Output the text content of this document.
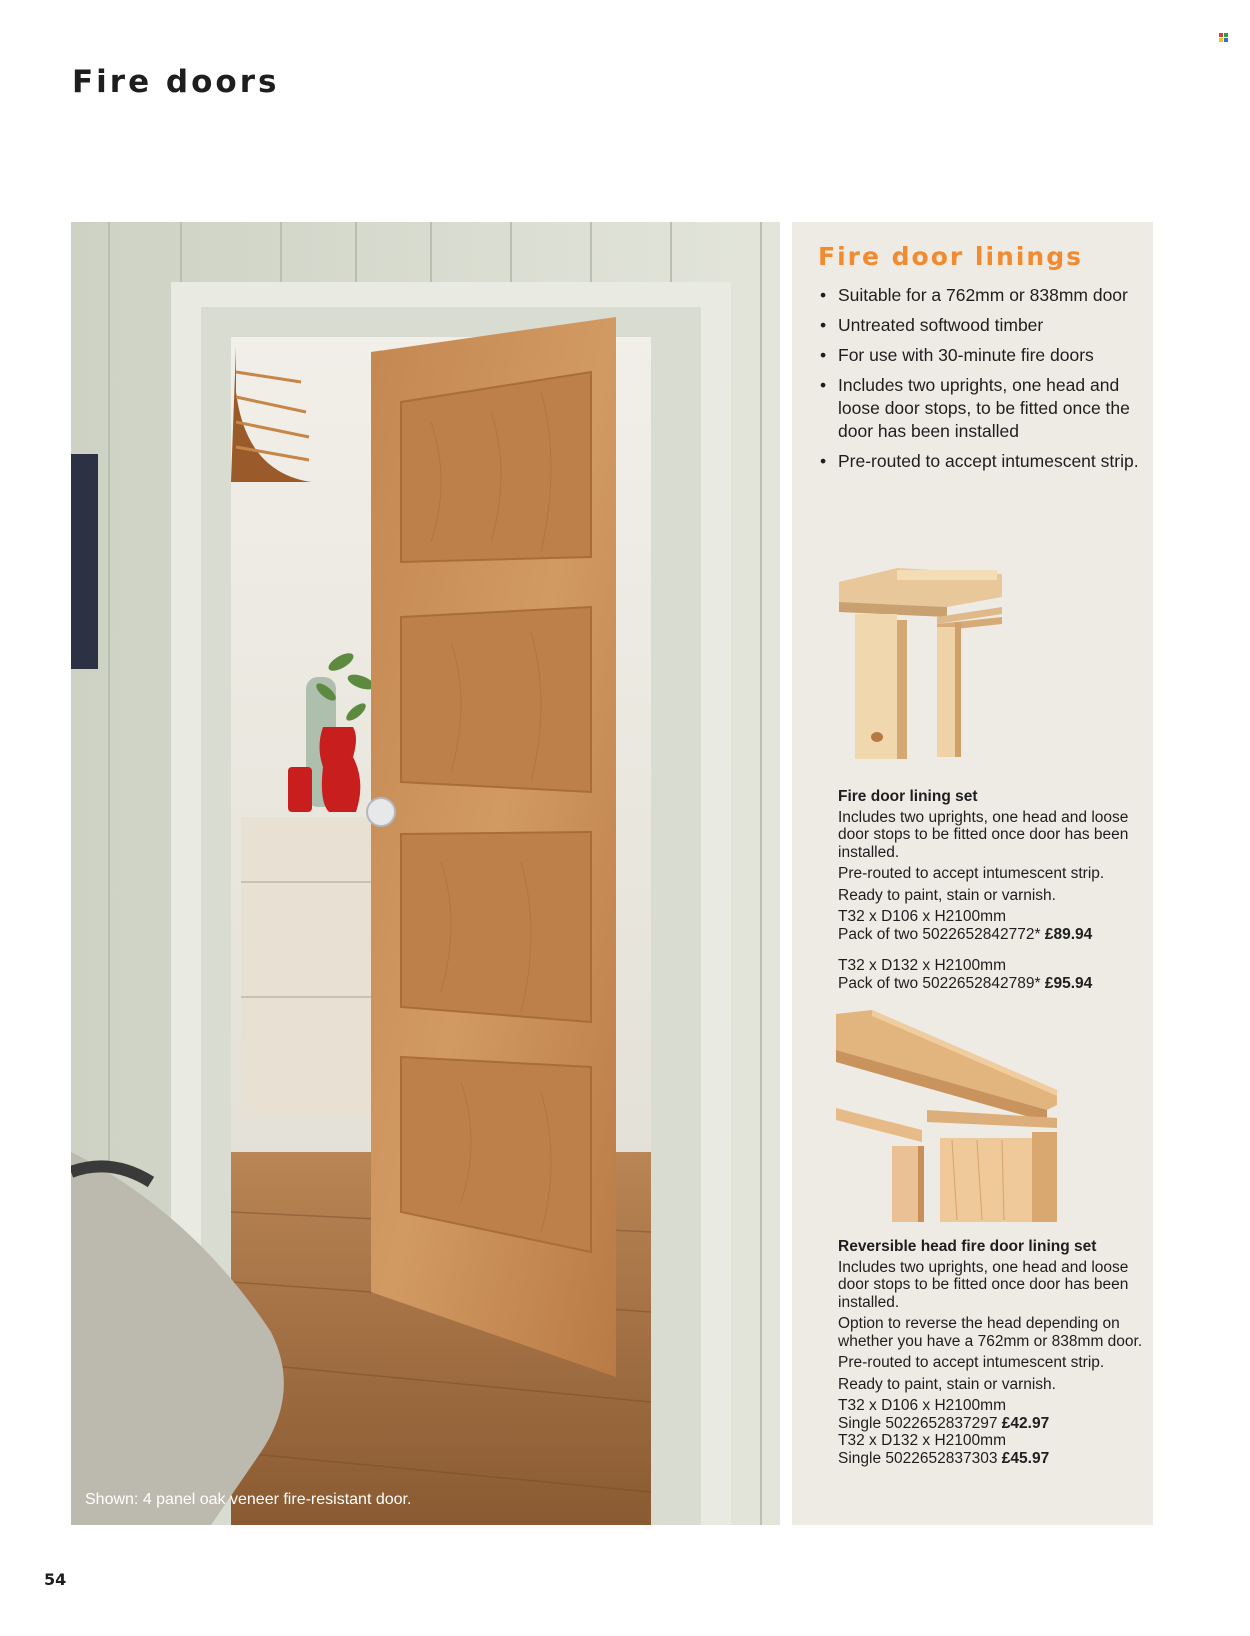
Fire doors
Shown: 4 panel oak veneer fire-resistant door.
Fire door linings
• Suitable for a 762mm or 838mm door
• Untreated softwood timber
• For use with 30-minute fire doors
• Includes two uprights, one head and loose door stops, to be fitted once the door has been installed
• Pre-routed to accept intumescent strip.
Fire door lining set

Includes two uprights, one head and loose door stops to be fitted once door has been installed.

Pre-routed to accept intumescent strip.

Ready to paint, stain or varnish.

T32 x D106 x H2100mm
Pack of two 5022652842772* £89.94
T32 x D132 x H2100mm
Pack of two 5022652842789* £95.94
Reversible head fire door lining set

Includes two uprights, one head and loose door stops to be fitted once door has been installed.

Option to reverse the head depending on whether you have a 762mm or 838mm door.

Pre-routed to accept intumescent strip.

Ready to paint, stain or varnish.

T32 x D106 x H2100mm
Single 5022652837297 £42.97
T32 x D132 x H2100mm
Single 5022652837303 £45.97
54
